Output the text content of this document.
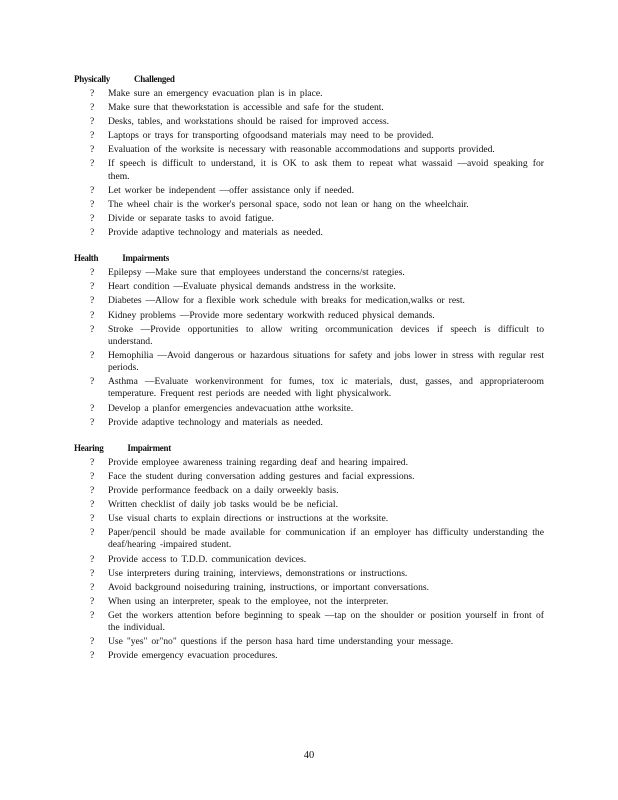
Physically	Challenged
? Make sure an emergency evacuation plan is in place.
? Make sure that theworkstation is accessible and safe for the student.
? Desks, tables, and workstations should be raised for improved access.
? Laptops or trays for transporting ofgoodsand materials may need to be provided.
? Evaluation of the worksite is necessary with reasonable accommodations and supports provided.
? If speech is difficult to understand, it is OK to ask them to repeat what wassaid —avoid speaking for them.
? Let worker be independent —offer assistance only if needed.
? The wheel chair is the worker's personal space, sodo not lean or hang on the wheelchair.
? Divide or separate tasks to avoid fatigue.
? Provide adaptive technology and materials as needed.
Health	Impairments
? Epilepsy —Make sure that employees understand the concerns/st rategies.
? Heart condition —Evaluate physical demands andstress in the worksite.
? Diabetes —Allow for a flexible work schedule with breaks for medication,walks or rest.
? Kidney problems —Provide more sedentary workwith reduced physical demands.
? Stroke —Provide opportunities to allow writing orcommunication devices if speech is difficult to understand.
? Hemophilia —Avoid dangerous or hazardous situations for safety and jobs lower in stress with regular rest periods.
? Asthma —Evaluate workenvironment for fumes, tox ic materials, dust, gasses, and appropriateroom temperature. Frequent rest periods are needed with light physicalwork.
? Develop a planfor emergencies andevacuation atthe worksite.
? Provide adaptive technology and materials as needed.
Hearing	Impairment
? Provide employee awareness training regarding deaf and hearing impaired.
? Face the student during conversation adding gestures and facial expressions.
? Provide performance feedback on a daily orweekly basis.
? Written checklist of daily job tasks would be be neficial.
? Use visual charts to explain directions or instructions at the worksite.
? Paper/pencil should be made available for communication if an employer has difficulty understanding the deaf/hearing -impaired student.
? Provide access to T.D.D. communication devices.
? Use interpreters during training, interviews, demonstrations or instructions.
? Avoid background noiseduring training, instructions, or important conversations.
? When using an interpreter, speak to the employee, not the interpreter.
? Get the workers attention before beginning to speak —tap on the shoulder or position yourself in front of the individual.
? Use "yes" or"no" questions if the person hasa hard time understanding your message.
? Provide emergency evacuation procedures.
40
